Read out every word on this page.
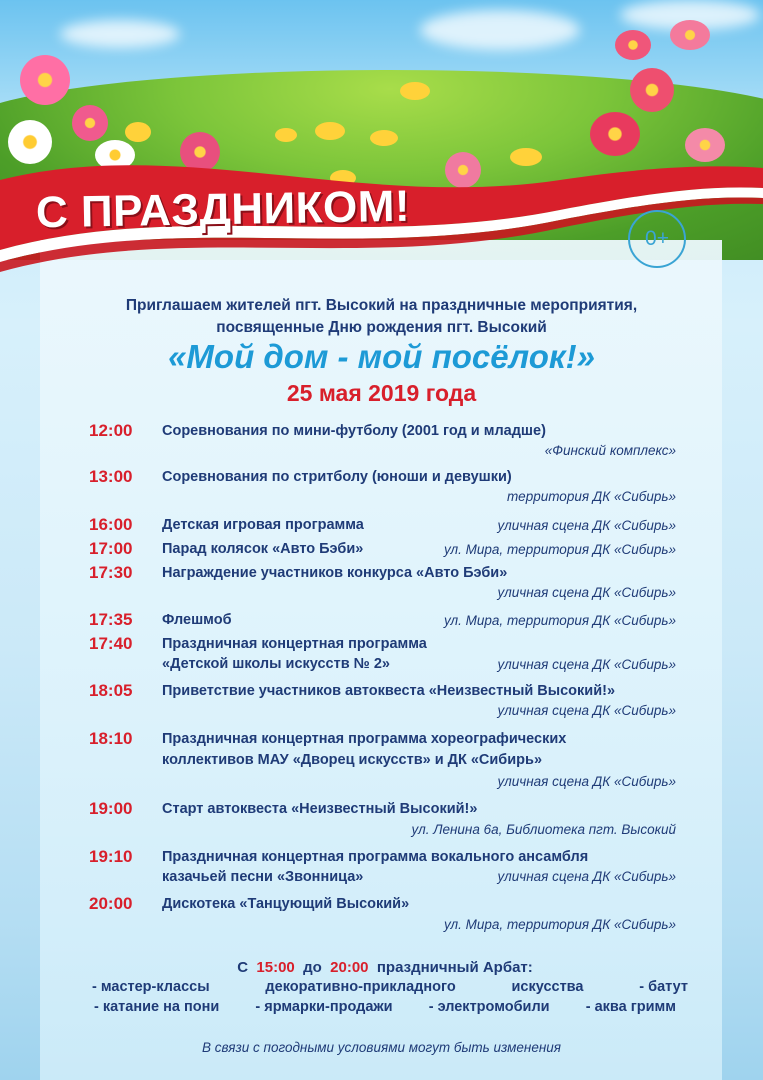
С ПРАЗДНИКОМ!
0+
Приглашаем жителей пгт. Высокий на праздничные мероприятия,
посвященные Дню рождения пгт. Высокий
«Мой дом - мой посёлок!»
25 мая 2019 года
12:00 Соревнования по мини-футболу (2001 год и младше)
«Финский комплекс»
13:00 Соревнования по стритболу (юноши и девушки)
территория ДК «Сибирь»
16:00 Детская игровая программа	уличная сцена ДК «Сибирь»
17:00 Парад колясок «Авто Бэби»	ул. Мира, территория ДК «Сибирь»
17:30 Награждение участников конкурса «Авто Бэби»
уличная сцена ДК «Сибирь»
17:35 Флешмоб	ул. Мира, территория ДК «Сибирь»
17:40 Праздничная концертная программа
«Детской школы искусств № 2»	уличная сцена ДК «Сибирь»
18:05 Приветствие участников автоквеста «Неизвестный Высокий!»
уличная сцена ДК «Сибирь»
18:10 Праздничная концертная программа хореографических
коллективов МАУ «Дворец искусств» и ДК «Сибирь»
уличная сцена ДК «Сибирь»
19:00 Старт автоквеста «Неизвестный Высокий!»
ул. Ленина 6а, Библиотека пгт. Высокий
19:10 Праздничная концертная программа вокального ансамбля
казачьей песни «Звонница»	уличная сцена ДК «Сибирь»
20:00 Дискотека «Танцующий Высокий»
ул. Мира, территория ДК «Сибирь»
С 15:00 до 20:00 праздничный Арбат:
- мастер-классы	декоративно-прикладного	искусства	- батут
- катание на пони - ярмарки-продажи - электромобили - аква гримм
В связи с погодными условиями могут быть изменения
